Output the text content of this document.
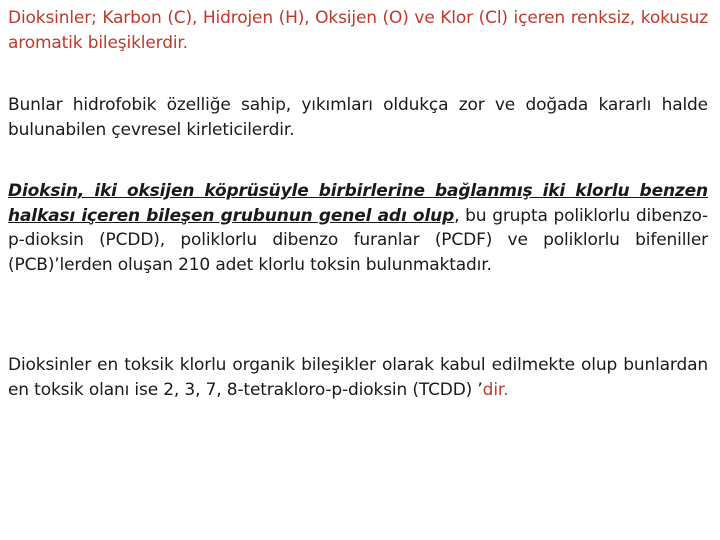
Dioksinler; Karbon (C), Hidrojen (H), Oksijen (O) ve Klor (Cl) içeren renksiz, kokusuz aromatik bileşiklerdir.

Bunlar hidrofobik özelliğe sahip, yıkımları oldukça zor ve doğada kararlı halde bulunabilen çevresel kirleticilerdir.

Dioksin, iki oksijen köprüsüyle birbirlerine bağlanmış iki klorlu benzen halkası içeren bileşen grubunun genel adı olup, bu grupta poliklorlu dibenzo-p-dioksin (PCDD), poliklorlu dibenzo furanlar (PCDF) ve poliklorlu bifeniller (PCB)’lerden oluşan 210 adet klorlu toksin bulunmaktadır.

Dioksinler en toksik klorlu organik bileşikler olarak kabul edilmekte olup bunlardan en toksik olanı ise 2, 3, 7, 8-tetrakloro-p-dioksin (TCDD) ’dir.
